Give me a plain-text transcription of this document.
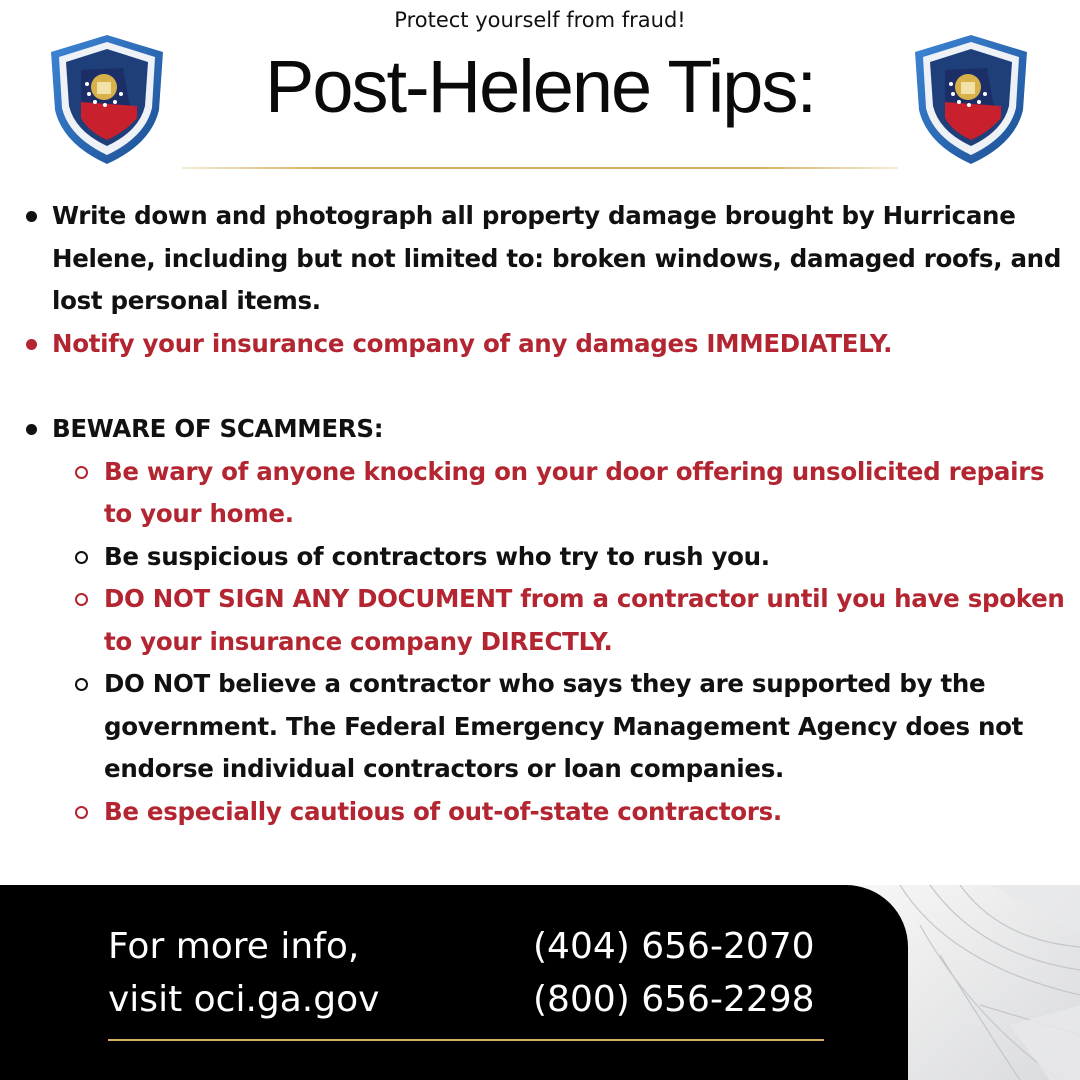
Protect yourself from fraud!
Post-Helene Tips:
Write down and photograph all property damage brought by Hurricane Helene, including but not limited to: broken windows, damaged roofs, and lost personal items.
Notify your insurance company of any damages IMMEDIATELY.
BEWARE OF SCAMMERS:
Be wary of anyone knocking on your door offering unsolicited repairs to your home.
Be suspicious of contractors who try to rush you.
DO NOT SIGN ANY DOCUMENT from a contractor until you have spoken to your insurance company DIRECTLY.
DO NOT believe a contractor who says they are supported by the government. The Federal Emergency Management Agency does not endorse individual contractors or loan companies.
Be especially cautious of out-of-state contractors.
For more info,
visit oci.ga.gov
(404) 656-2070
(800) 656-2298
